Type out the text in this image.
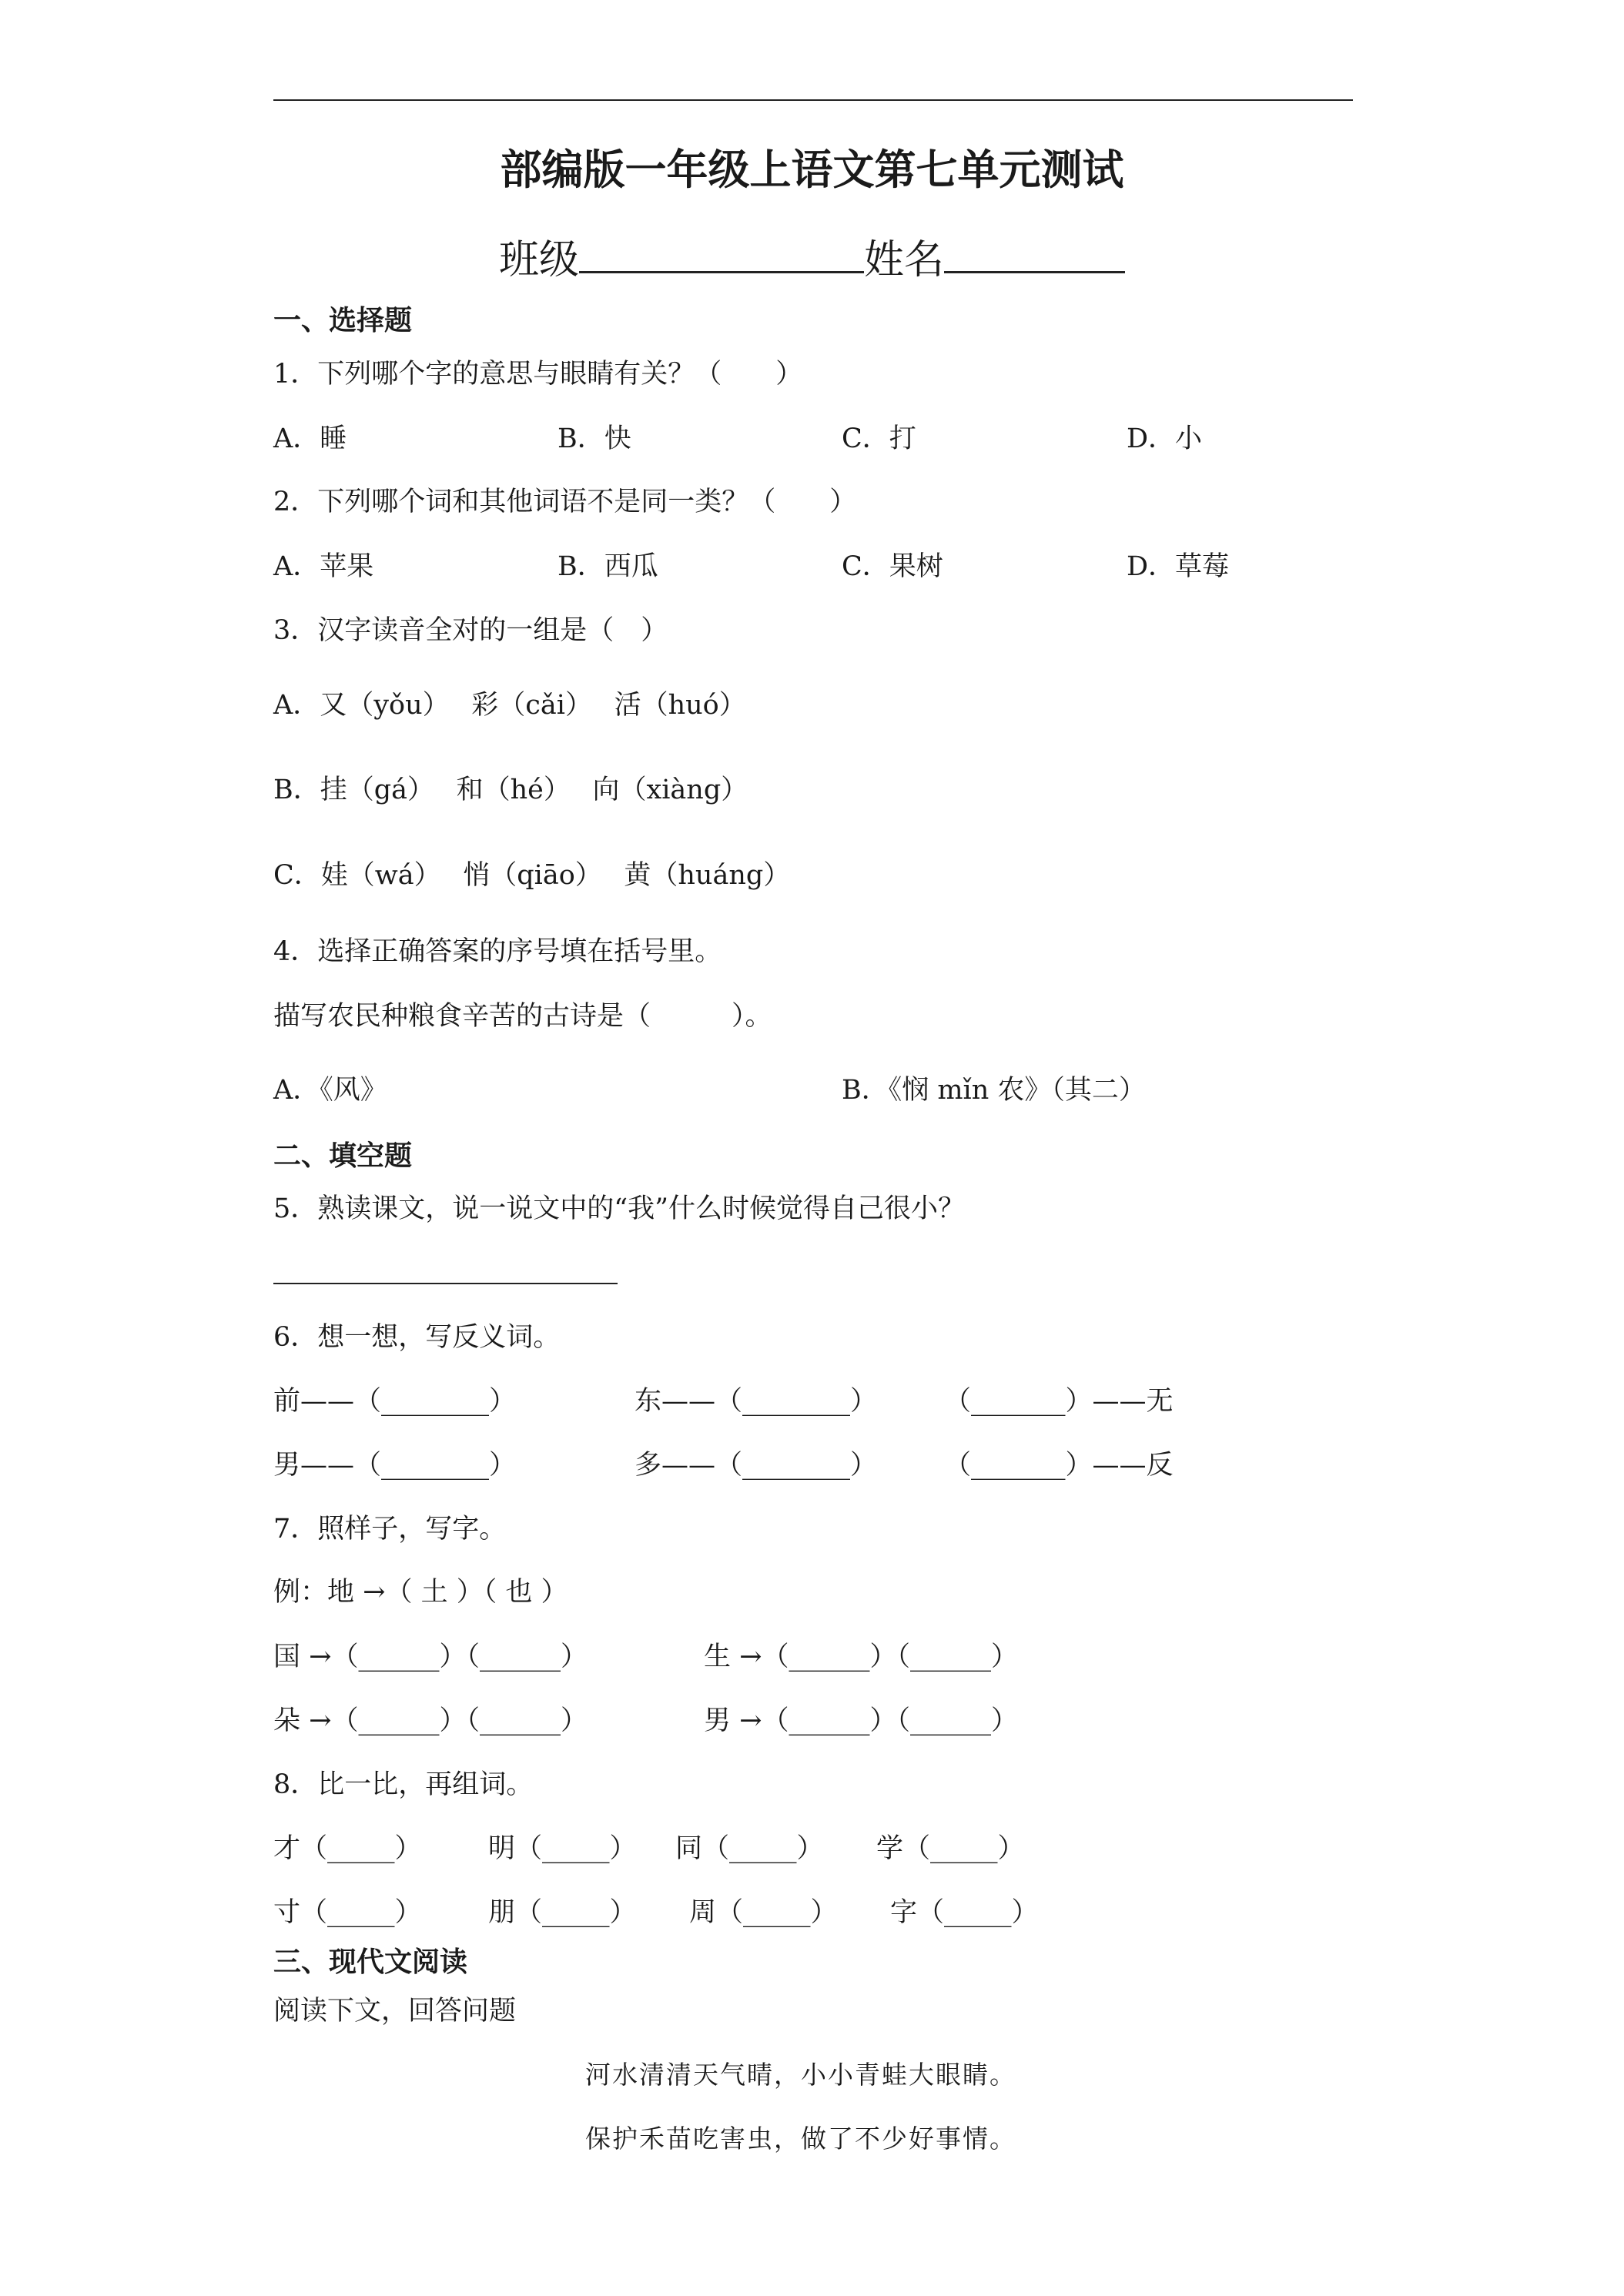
部编版一年级上语文第七单元测试
班级	姓名
一、选择题
1．下列哪个字的意思与眼睛有关？（　　）
A．睡	B．快	C．打	D．小
2．下列哪个词和其他词语不是同一类？（　　）
A．苹果	B．西瓜	C．果树	D．草莓
3．汉字读音全对的一组是（　）
A．又（yǒu）　 彩（cǎi）　 活（huó）
B．挂（gá）　 和（hé）　 向（xiàng）
C．娃（wá）　 悄（qiāo）　 黄（huáng）
4．选择正确答案的序号填在括号里。
描写农民种粮食辛苦的古诗是（　　　）。
A．《风》	B．《悯 mǐn 农》（其二）
二、填空题
5．熟读课文，说一说文中的“我”什么时候觉得自己很小？
6．想一想，写反义词。
前——（________）	东——（________） （_______）——无
男——（________）	多——（________） （_______）——反
7．照样子，写字。
例：地 →（ 土 ）（ 也 ）
国 →（______）（______）	生 →（______）（______）
朵 →（______）（______）	男 →（______）（______）
8．比一比，再组词。
才（_____） 明（_____） 同（_____） 学（_____）
寸（_____） 朋（_____） 周（_____） 字（_____）
三、现代文阅读
阅读下文，回答问题
河水清清天气晴，小小青蛙大眼睛。
保护禾苗吃害虫，做了不少好事情。
